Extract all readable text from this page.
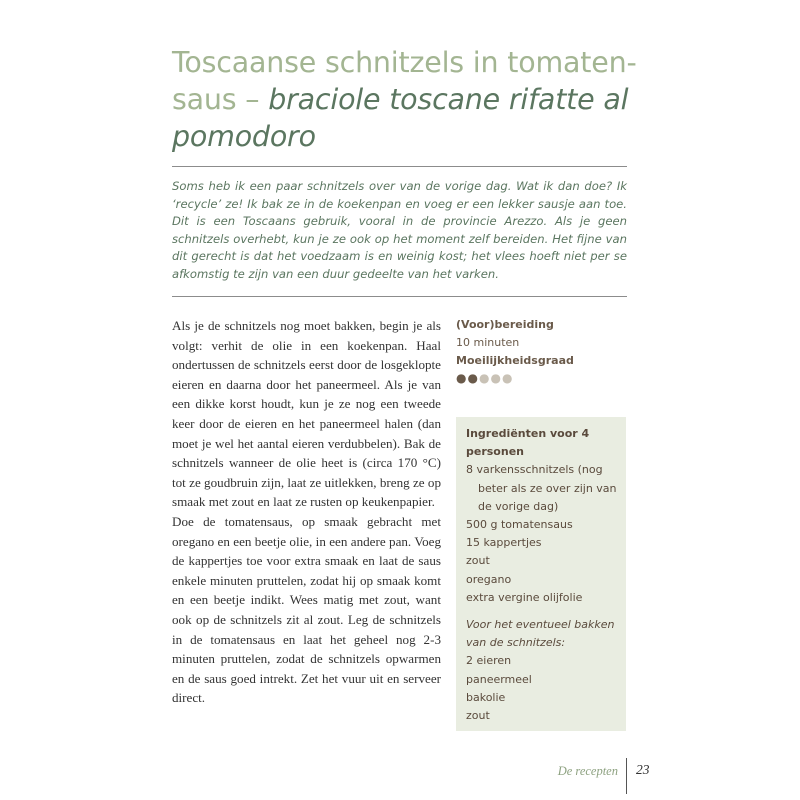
Toscaanse schnitzels in tomatensaus – braciole toscane rifatte al pomodoro

Soms heb ik een paar schnitzels over van de vorige dag. Wat ik dan doe? Ik ‘recycle’ ze! Ik bak ze in de koekenpan en voeg er een lekker sausje aan toe. Dit is een Toscaans gebruik, vooral in de provincie Arezzo. Als je geen schnitzels overhebt, kun je ze ook op het moment zelf bereiden. Het fijne van dit gerecht is dat het voedzaam is en weinig kost; het vlees hoeft niet per se afkomstig te zijn van een duur gedeelte van het varken.

Als je de schnitzels nog moet bakken, begin je als volgt: verhit de olie in een koekenpan. Haal ondertussen de schnitzels eerst door de losgeklopte eieren en daarna door het paneermeel. Als je van een dikke korst houdt, kun je ze nog een tweede keer door de eieren en het paneermeel halen (dan moet je wel het aantal eieren verdubbelen). Bak de schnitzels wanneer de olie heet is (circa 170 °C) tot ze goudbruin zijn, laat ze uitlekken, breng ze op smaak met zout en laat ze rusten op keukenpapier.

Doe de tomatensaus, op smaak gebracht met oregano en een beetje olie, in een andere pan. Voeg de kappertjes toe voor extra smaak en laat de saus enkele minuten pruttelen, zodat hij op smaak komt en een beetje indikt. Wees matig met zout, want ook op de schnitzels zit al zout. Leg de schnitzels in de tomatensaus en laat het geheel nog 2-3 minuten pruttelen, zodat de schnitzels opwarmen en de saus goed intrekt. Zet het vuur uit en serveer direct.

(Voor)bereiding
10 minuten
Moeilijkheidsgraad
●●●●●
Ingrediënten voor 4 personen
8 varkensschnitzels (nog beter als ze over zijn van de vorige dag)
500 g tomatensaus
15 kappertjes
zout
oregano
extra vergine olijfolie
Voor het eventueel bakken van de schnitzels:
2 eieren
paneermeel
bakolie
zout
De recepten 23
